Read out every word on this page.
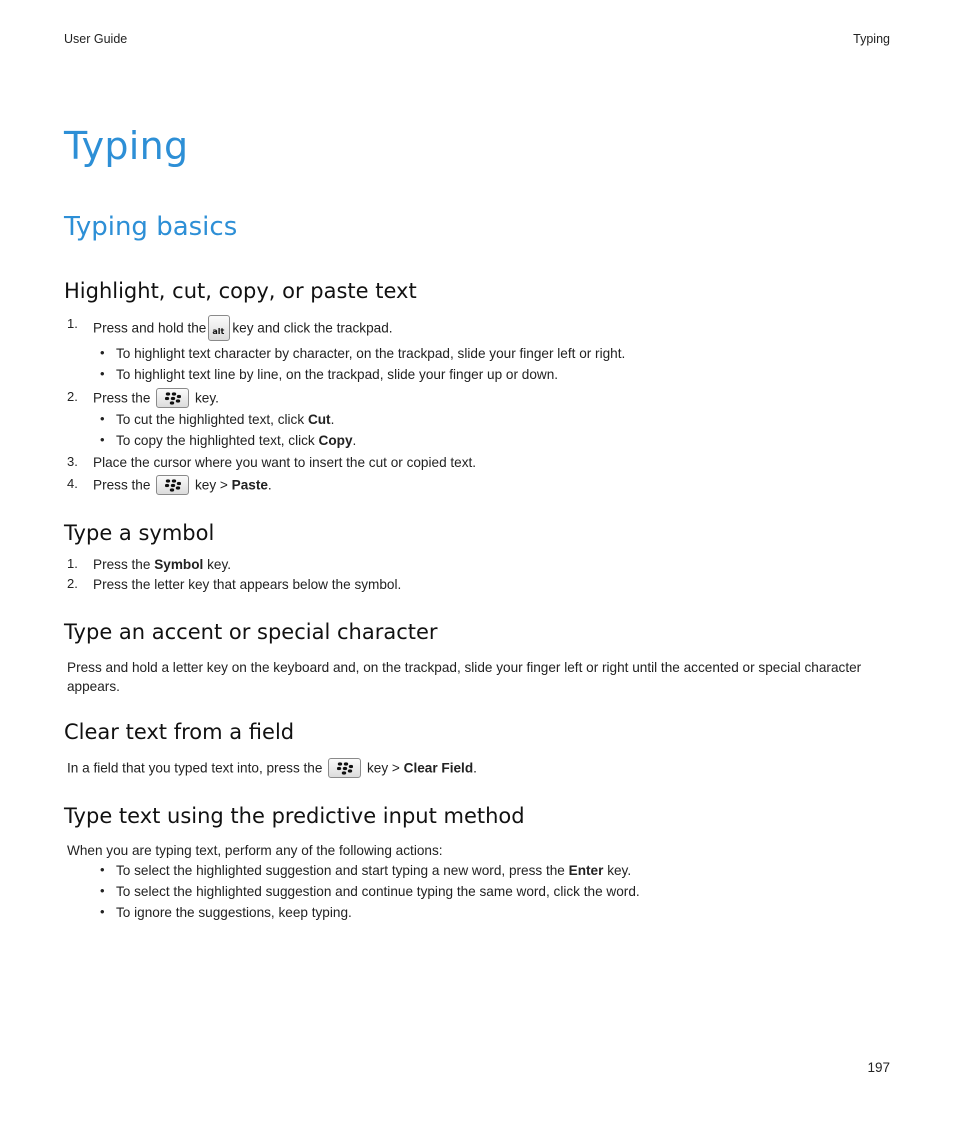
User Guide	Typing
Typing
Typing basics
Highlight, cut, copy, or paste text
1. Press and hold the alt key and click the trackpad.
• To highlight text character by character, on the trackpad, slide your finger left or right.
• To highlight text line by line, on the trackpad, slide your finger up or down.
2. Press the	key.
• To cut the highlighted text, click Cut.
• To copy the highlighted text, click Copy.
3. Place the cursor where you want to insert the cut or copied text.
4. Press the	key > Paste.
Type a symbol
1. Press the Symbol key.
2. Press the letter key that appears below the symbol.
Type an accent or special character
Press and hold a letter key on the keyboard and, on the trackpad, slide your finger left or right until the accented or special character appears.
Clear text from a field
In a field that you typed text into, press the	key > Clear Field.
Type text using the predictive input method
When you are typing text, perform any of the following actions:
• To select the highlighted suggestion and start typing a new word, press the Enter key.
• To select the highlighted suggestion and continue typing the same word, click the word.
• To ignore the suggestions, keep typing.
197
